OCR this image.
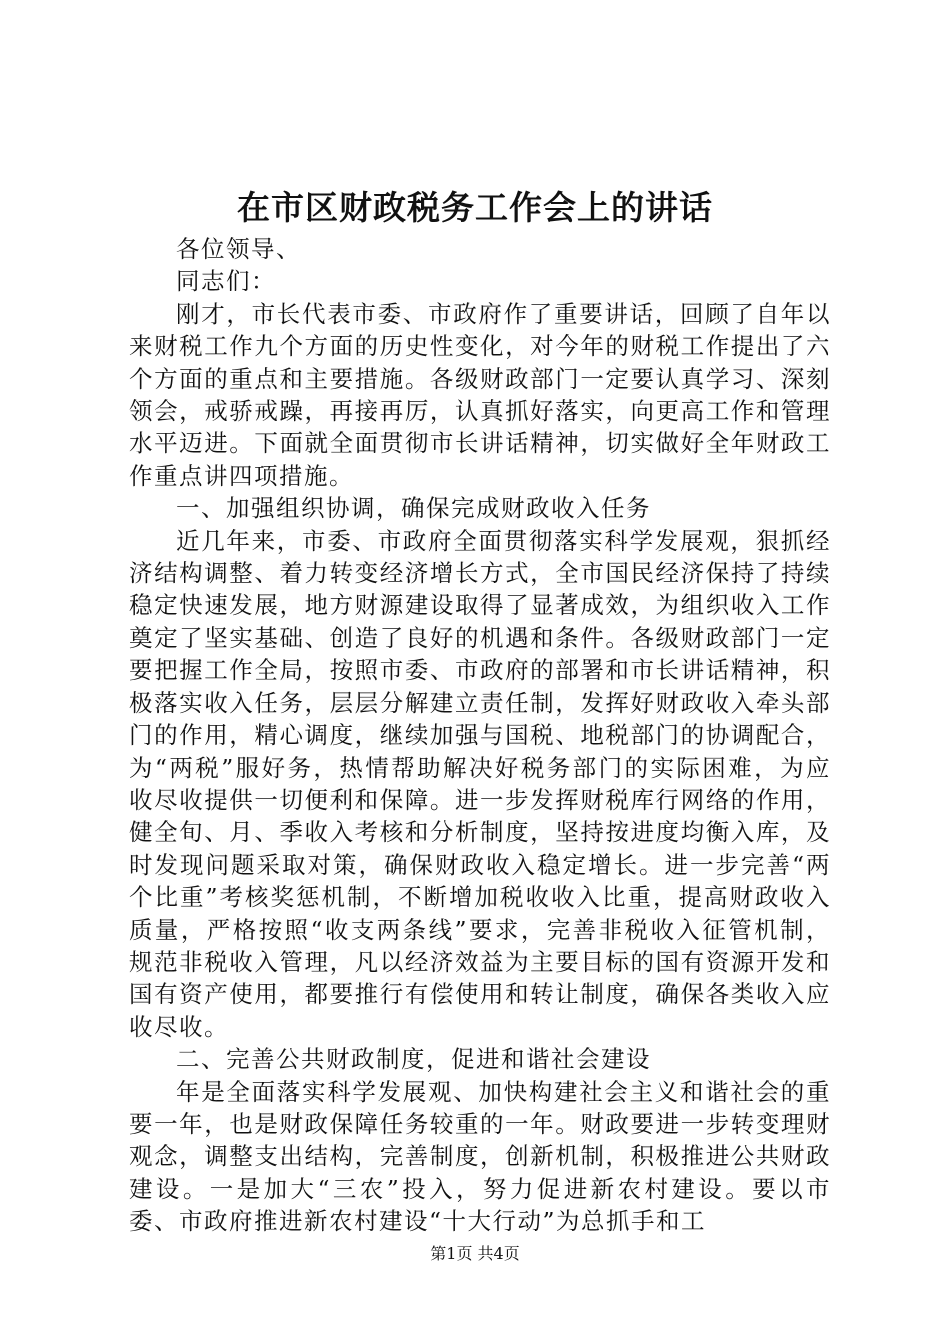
在市区财政税务工作会上的讲话

各位领导、

同志们：

刚才，市长代表市委、市政府作了重要讲话，回顾了自年以来财税工作九个方面的历史性变化，对今年的财税工作提出了六个方面的重点和主要措施。各级财政部门一定要认真学习、深刻领会，戒骄戒躁，再接再厉，认真抓好落实，向更高工作和管理水平迈进。下面就全面贯彻市长讲话精神，切实做好全年财政工作重点讲四项措施。

一、加强组织协调，确保完成财政收入任务

近几年来，市委、市政府全面贯彻落实科学发展观，狠抓经济结构调整、着力转变经济增长方式，全市国民经济保持了持续稳定快速发展，地方财源建设取得了显著成效，为组织收入工作奠定了坚实基础、创造了良好的机遇和条件。各级财政部门一定要把握工作全局，按照市委、市政府的部署和市长讲话精神，积极落实收入任务，层层分解建立责任制，发挥好财政收入牵头部门的作用，精心调度，继续加强与国税、地税部门的协调配合，为“两税”服好务，热情帮助解决好税务部门的实际困难，为应收尽收提供一切便利和保障。进一步发挥财税库行网络的作用，健全旬、月、季收入考核和分析制度，坚持按进度均衡入库，及时发现问题采取对策，确保财政收入稳定增长。进一步完善“两个比重”考核奖惩机制，不断增加税收收入比重，提高财政收入质量，严格按照“收支两条线”要求，完善非税收入征管机制，规范非税收入管理，凡以经济效益为主要目标的国有资源开发和国有资产使用，都要推行有偿使用和转让制度，确保各类收入应收尽收。

二、完善公共财政制度，促进和谐社会建设

年是全面落实科学发展观、加快构建社会主义和谐社会的重要一年，也是财政保障任务较重的一年。财政要进一步转变理财观念，调整支出结构，完善制度，创新机制，积极推进公共财政建设。一是加大“三农”投入，努力促进新农村建设。要以市委、市政府推进新农村建设“十大行动”为总抓手和工

第1页 共4页
